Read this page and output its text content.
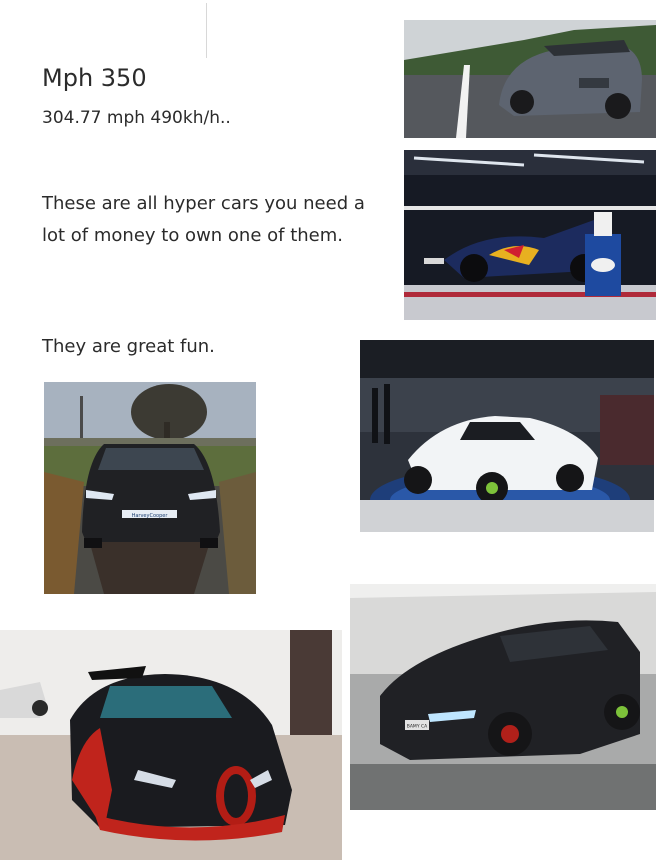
Mph 350
304.77 mph 490kh/h..
These are all hyper cars you need a lot of money to own one of them.
They are great fun.
HarveyCooper
BAMY CA
